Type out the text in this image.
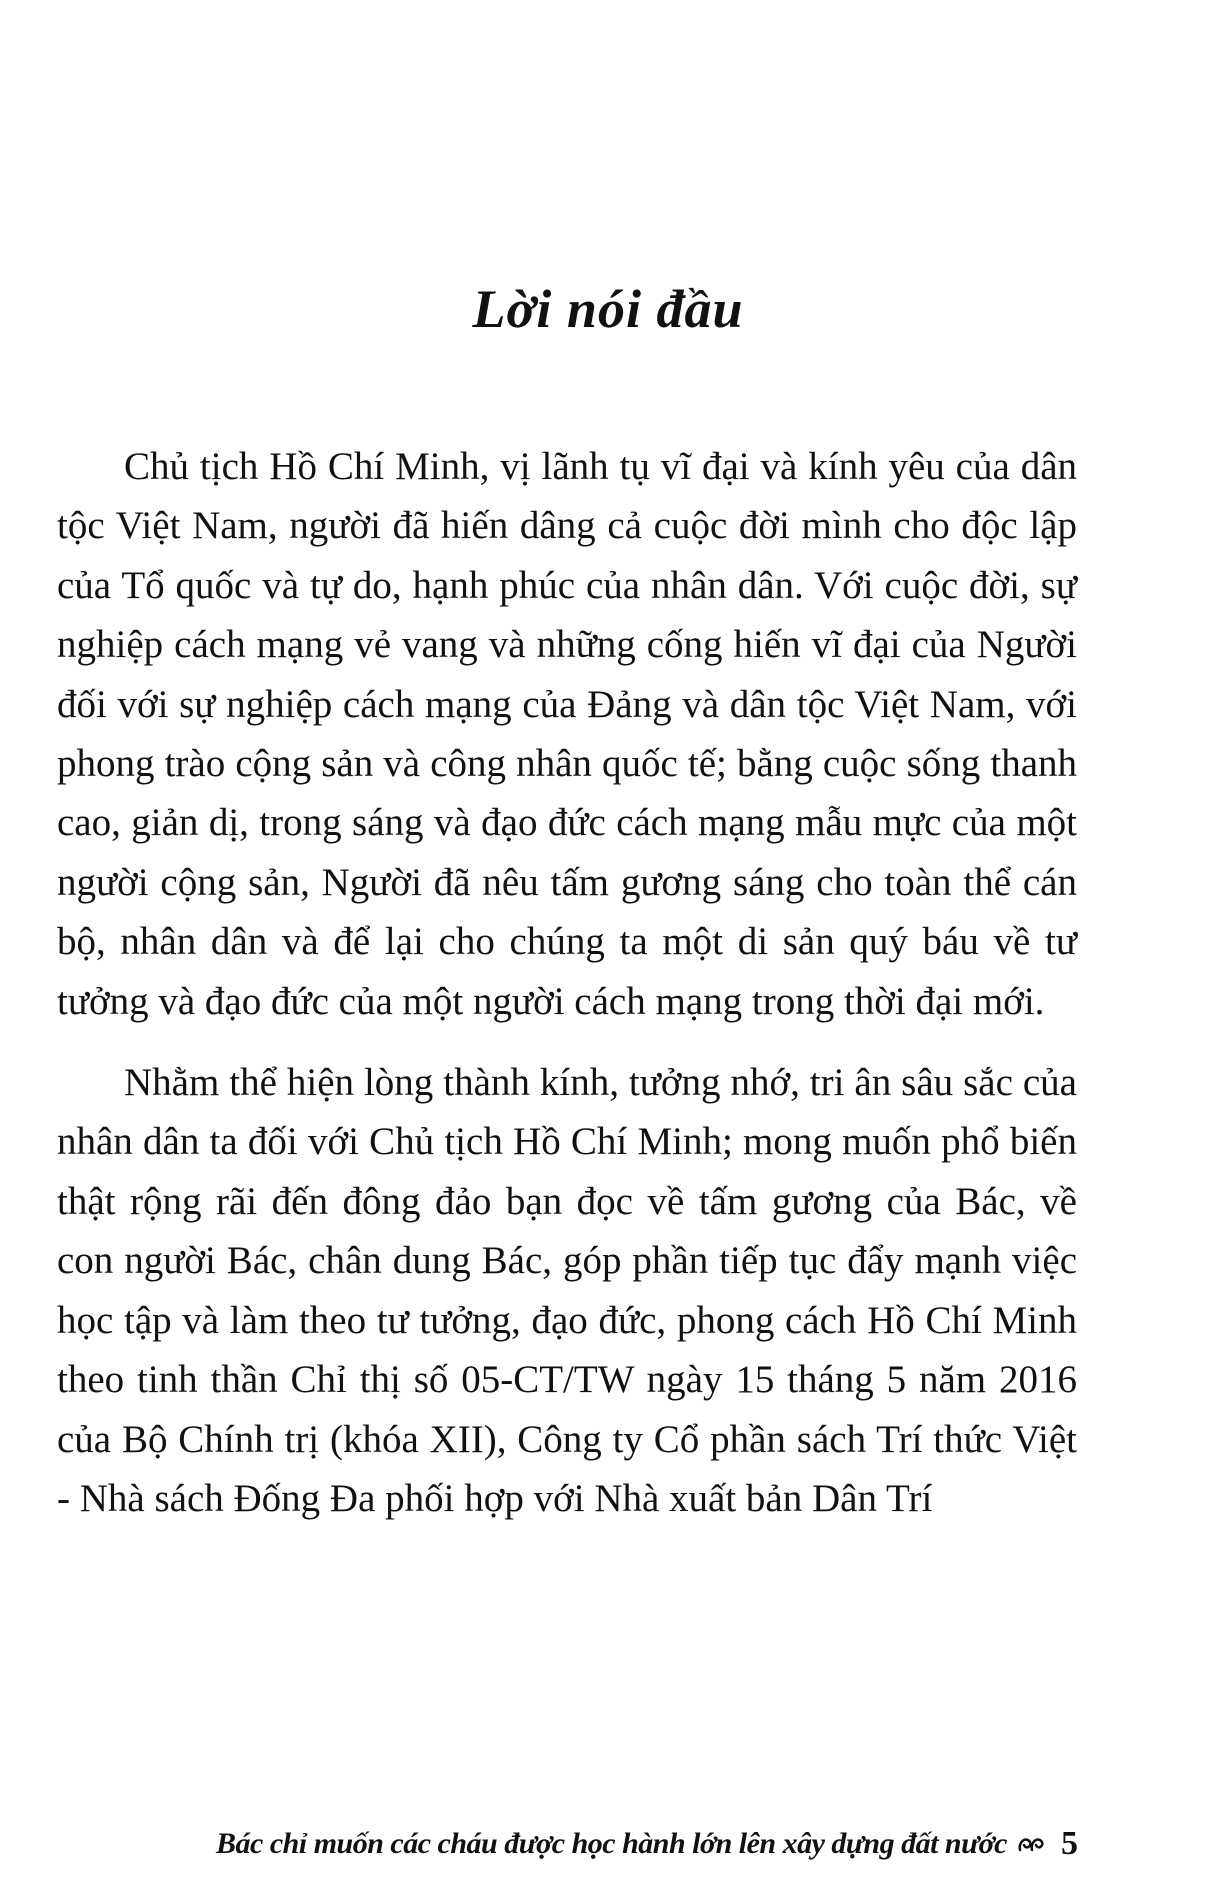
Lời nói đầu

Chủ tịch Hồ Chí Minh, vị lãnh tụ vĩ đại và kính yêu của dân tộc Việt Nam, người đã hiến dâng cả cuộc đời mình cho độc lập của Tổ quốc và tự do, hạnh phúc của nhân dân. Với cuộc đời, sự nghiệp cách mạng vẻ vang và những cống hiến vĩ đại của Người đối với sự nghiệp cách mạng của Đảng và dân tộc Việt Nam, với phong trào cộng sản và công nhân quốc tế; bằng cuộc sống thanh cao, giản dị, trong sáng và đạo đức cách mạng mẫu mực của một người cộng sản, Người đã nêu tấm gương sáng cho toàn thể cán bộ, nhân dân và để lại cho chúng ta một di sản quý báu về tư tưởng và đạo đức của một người cách mạng trong thời đại mới.

Nhằm thể hiện lòng thành kính, tưởng nhớ, tri ân sâu sắc của nhân dân ta đối với Chủ tịch Hồ Chí Minh; mong muốn phổ biến thật rộng rãi đến đông đảo bạn đọc về tấm gương của Bác, về con người Bác, chân dung Bác, góp phần tiếp tục đẩy mạnh việc học tập và làm theo tư tưởng, đạo đức, phong cách Hồ Chí Minh theo tinh thần Chỉ thị số 05-CT/TW ngày 15 tháng 5 năm 2016 của Bộ Chính trị (khóa XII), Công ty Cổ phần sách Trí thức Việt - Nhà sách Đống Đa phối hợp với Nhà xuất bản Dân Trí

Bác chỉ muốn các cháu được học hành lớn lên xây dựng đất nước 5
